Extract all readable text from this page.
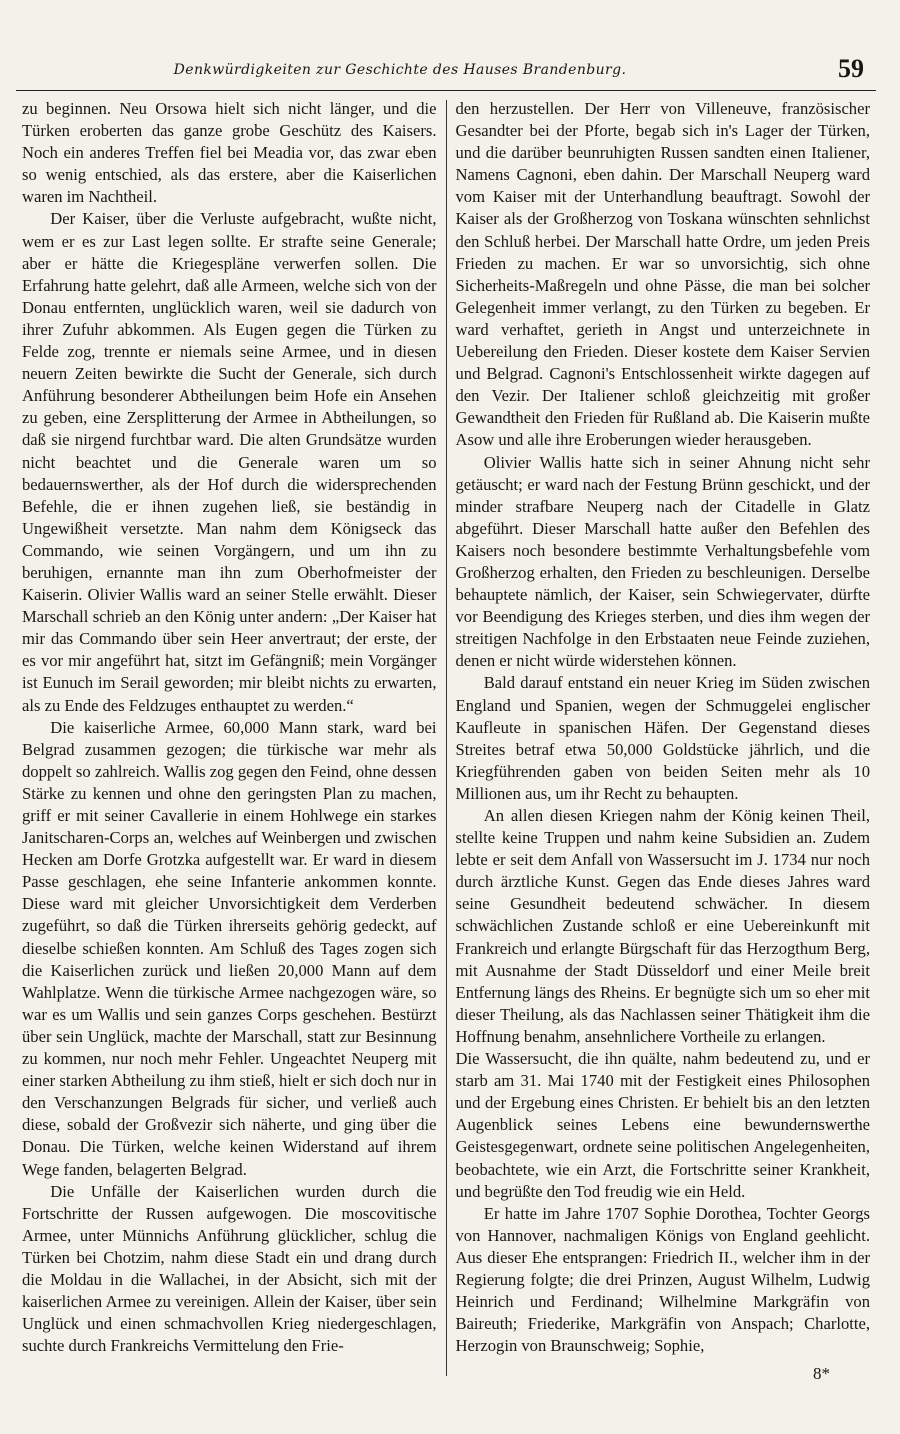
Denkwürdigkeiten zur Geschichte des Hauses Brandenburg.	59

zu beginnen. Neu Orsowa hielt sich nicht länger, und die Türken eroberten das ganze grobe Geschütz des Kaisers. Noch ein anderes Treffen fiel bei Meadia vor, das zwar eben so wenig entschied, als das erstere, aber die Kaiserlichen waren im Nachtheil.

Der Kaiser, über die Verluste aufgebracht, wußte nicht, wem er es zur Last legen sollte. Er strafte seine Generale; aber er hätte die Kriegespläne verwerfen sollen. Die Erfahrung hatte gelehrt, daß alle Armeen, welche sich von der Donau entfernten, unglücklich waren, weil sie dadurch von ihrer Zufuhr abkommen. Als Eugen gegen die Türken zu Felde zog, trennte er niemals seine Armee, und in diesen neuern Zeiten bewirkte die Sucht der Generale, sich durch Anführung besonderer Abtheilungen beim Hofe ein Ansehen zu geben, eine Zersplitterung der Armee in Abtheilungen, so daß sie nirgend furchtbar ward. Die alten Grundsätze wurden nicht beachtet und die Generale waren um so bedauernswerther, als der Hof durch die widersprechenden Befehle, die er ihnen zugehen ließ, sie beständig in Ungewißheit versetzte. Man nahm dem Königseck das Commando, wie seinen Vorgängern, und um ihn zu beruhigen, ernannte man ihn zum Oberhofmeister der Kaiserin. Olivier Wallis ward an seiner Stelle erwählt. Dieser Marschall schrieb an den König unter andern: „Der Kaiser hat mir das Commando über sein Heer anvertraut; der erste, der es vor mir angeführt hat, sitzt im Gefängniß; mein Vorgänger ist Eunuch im Serail geworden; mir bleibt nichts zu erwarten, als zu Ende des Feldzuges enthauptet zu werden.“

Die kaiserliche Armee, 60,000 Mann stark, ward bei Belgrad zusammen gezogen; die türkische war mehr als doppelt so zahlreich. Wallis zog gegen den Feind, ohne dessen Stärke zu kennen und ohne den geringsten Plan zu machen, griff er mit seiner Cavallerie in einem Hohlwege ein starkes Janitscharen-Corps an, welches auf Weinbergen und zwischen Hecken am Dorfe Grotzka aufgestellt war. Er ward in diesem Passe geschlagen, ehe seine Infanterie ankommen konnte. Diese ward mit gleicher Unvorsichtigkeit dem Verderben zugeführt, so daß die Türken ihrerseits gehörig gedeckt, auf dieselbe schießen konnten. Am Schluß des Tages zogen sich die Kaiserlichen zurück und ließen 20,000 Mann auf dem Wahlplatze. Wenn die türkische Armee nachgezogen wäre, so war es um Wallis und sein ganzes Corps geschehen. Bestürzt über sein Unglück, machte der Marschall, statt zur Besinnung zu kommen, nur noch mehr Fehler. Ungeachtet Neuperg mit einer starken Abtheilung zu ihm stieß, hielt er sich doch nur in den Verschanzungen Belgrads für sicher, und verließ auch diese, sobald der Großvezir sich näherte, und ging über die Donau. Die Türken, welche keinen Widerstand auf ihrem Wege fanden, belagerten Belgrad.

Die Unfälle der Kaiserlichen wurden durch die Fortschritte der Russen aufgewogen. Die moscovitische Armee, unter Münnichs Anführung glücklicher, schlug die Türken bei Chotzim, nahm diese Stadt ein und drang durch die Moldau in die Wallachei, in der Absicht, sich mit der kaiserlichen Armee zu vereinigen. Allein der Kaiser, über sein Unglück und einen schmachvollen Krieg niedergeschlagen, suchte durch Frankreichs Vermittelung den Frie-

den herzustellen. Der Herr von Villeneuve, französischer Gesandter bei der Pforte, begab sich in's Lager der Türken, und die darüber beunruhigten Russen sandten einen Italiener, Namens Cagnoni, eben dahin. Der Marschall Neuperg ward vom Kaiser mit der Unterhandlung beauftragt. Sowohl der Kaiser als der Großherzog von Toskana wünschten sehnlichst den Schluß herbei. Der Marschall hatte Ordre, um jeden Preis Frieden zu machen. Er war so unvorsichtig, sich ohne Sicherheits-Maßregeln und ohne Pässe, die man bei solcher Gelegenheit immer verlangt, zu den Türken zu begeben. Er ward verhaftet, gerieth in Angst und unterzeichnete in Uebereilung den Frieden. Dieser kostete dem Kaiser Servien und Belgrad. Cagnoni's Entschlossenheit wirkte dagegen auf den Vezir. Der Italiener schloß gleichzeitig mit großer Gewandtheit den Frieden für Rußland ab. Die Kaiserin mußte Asow und alle ihre Eroberungen wieder herausgeben.

Olivier Wallis hatte sich in seiner Ahnung nicht sehr getäuscht; er ward nach der Festung Brünn geschickt, und der minder strafbare Neuperg nach der Citadelle in Glatz abgeführt. Dieser Marschall hatte außer den Befehlen des Kaisers noch besondere bestimmte Verhaltungsbefehle vom Großherzog erhalten, den Frieden zu beschleunigen. Derselbe behauptete nämlich, der Kaiser, sein Schwiegervater, dürfte vor Beendigung des Krieges sterben, und dies ihm wegen der streitigen Nachfolge in den Erbstaaten neue Feinde zuziehen, denen er nicht würde widerstehen können.

Bald darauf entstand ein neuer Krieg im Süden zwischen England und Spanien, wegen der Schmuggelei englischer Kaufleute in spanischen Häfen. Der Gegenstand dieses Streites betraf etwa 50,000 Goldstücke jährlich, und die Kriegführenden gaben von beiden Seiten mehr als 10 Millionen aus, um ihr Recht zu behaupten.

An allen diesen Kriegen nahm der König keinen Theil, stellte keine Truppen und nahm keine Subsidien an. Zudem lebte er seit dem Anfall von Wassersucht im J. 1734 nur noch durch ärztliche Kunst. Gegen das Ende dieses Jahres ward seine Gesundheit bedeutend schwächer. In diesem schwächlichen Zustande schloß er eine Uebereinkunft mit Frankreich und erlangte Bürgschaft für das Herzogthum Berg, mit Ausnahme der Stadt Düsseldorf und einer Meile breit Entfernung längs des Rheins. Er begnügte sich um so eher mit dieser Theilung, als das Nachlassen seiner Thätigkeit ihm die Hoffnung benahm, ansehnlichere Vortheile zu erlangen.

Die Wassersucht, die ihn quälte, nahm bedeutend zu, und er starb am 31. Mai 1740 mit der Festigkeit eines Philosophen und der Ergebung eines Christen. Er behielt bis an den letzten Augenblick seines Lebens eine bewundernswerthe Geistesgegenwart, ordnete seine politischen Angelegenheiten, beobachtete, wie ein Arzt, die Fortschritte seiner Krankheit, und begrüßte den Tod freudig wie ein Held.

Er hatte im Jahre 1707 Sophie Dorothea, Tochter Georgs von Hannover, nachmaligen Königs von England geehlicht. Aus dieser Ehe entsprangen: Friedrich II., welcher ihm in der Regierung folgte; die drei Prinzen, August Wilhelm, Ludwig Heinrich und Ferdinand; Wilhelmine Markgräfin von Baireuth; Friederike, Markgräfin von Anspach; Charlotte, Herzogin von Braunschweig; Sophie,

8*
